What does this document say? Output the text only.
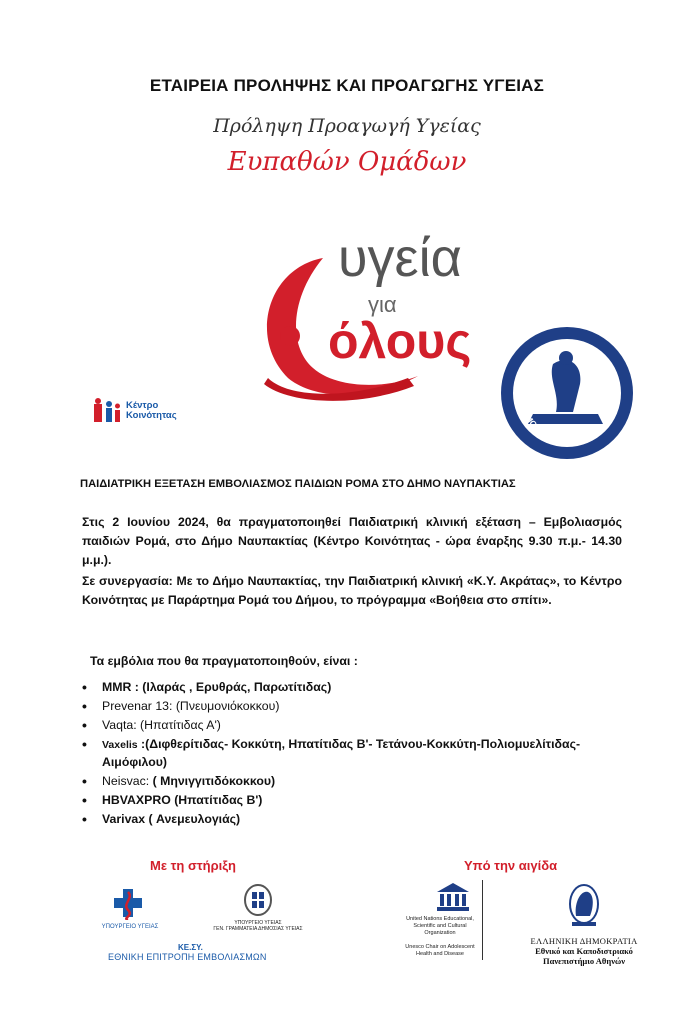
ΕΤΑΙΡΕΙΑ ΠΡΟΛΗΨΗΣ ΚΑΙ ΠΡΟΑΓΩΓΗΣ ΥΓΕΙΑΣ
Πρόληψη Προαγωγή Υγείας
Ευπαθών Ομάδων
υγεία
για
όλους
Κέντρο
Κοινότητας
ΔΗΜΟΣ ΝΑΥΠΑΚΤΙΑΣ
ΠΑΙΔΙΑΤΡΙΚΗ ΕΞΕΤΑΣΗ ΕΜΒΟΛΙΑΣΜΟΣ ΠΑΙΔΙΩΝ ΡΟΜΑ ΣΤΟ ΔΗΜΟ ΝΑΥΠΑΚΤΙΑΣ
Στις 2 Ιουνίου 2024, θα πραγματοποιηθεί Παιδιατρική κλινική εξέταση – Εμβολιασμός παιδιών Ρομά, στο Δήμο Ναυπακτίας (Κέντρο Κοινότητας - ώρα έναρξης 9.30 π.μ.- 14.30 μ.μ.).
Σε συνεργασία: Με το Δήμο Ναυπακτίας, την Παιδιατρική κλινική «Κ.Υ. Ακράτας», το Κέντρο Κοινότητας με Παράρτημα Ρομά του Δήμου, το πρόγραμμα «Βοήθεια στο σπίτι».
Τα εμβόλια που θα πραγματοποιηθούν, είναι :
• MMR : (Ιλαράς , Ερυθράς, Παρωτίτιδας)
• Prevenar 13: (Πνευμονιόκοκκου)
• Vaqta: (Ηπατίτιδας Α')
• Vaxelis :(Διφθερίτιδας- Κοκκύτη, Ηπατίτιδας Β'- Τετάνου-Κοκκύτη-Πολιομυελίτιδας-Αιμόφιλου)
• Neisvac: ( Μηνιγγιτιδόκοκκου)
• HBVAXPRO (Ηπατίτιδας Β')
• Varivax ( Ανεμευλογιάς)
Με τη στήριξη	Υπό την αιγίδα
ΥΠΟΥΡΓΕΙΟ ΥΓΕΙΑΣ
ΥΠΟΥΡΓΕΙΟ ΥΓΕΙΑΣ
ΓΕΝ. ΓΡΑΜΜΑΤΕΙΑ ΔΗΜΟΣΙΑΣ ΥΓΕΙΑΣ
ΚΕ.ΣΥ.
ΕΘΝΙΚΗ ΕΠΙΤΡΟΠΗ ΕΜΒΟΛΙΑΣΜΩΝ
United Nations Educational, Scientific and Cultural Organization
Unesco Chair on Adolescent Health and Disease
ΕΛΛΗΝΙΚΗ ΔΗΜΟΚΡΑΤΙΑ
Εθνικό και Καποδιστριακό Πανεπιστήμιο Αθηνών
